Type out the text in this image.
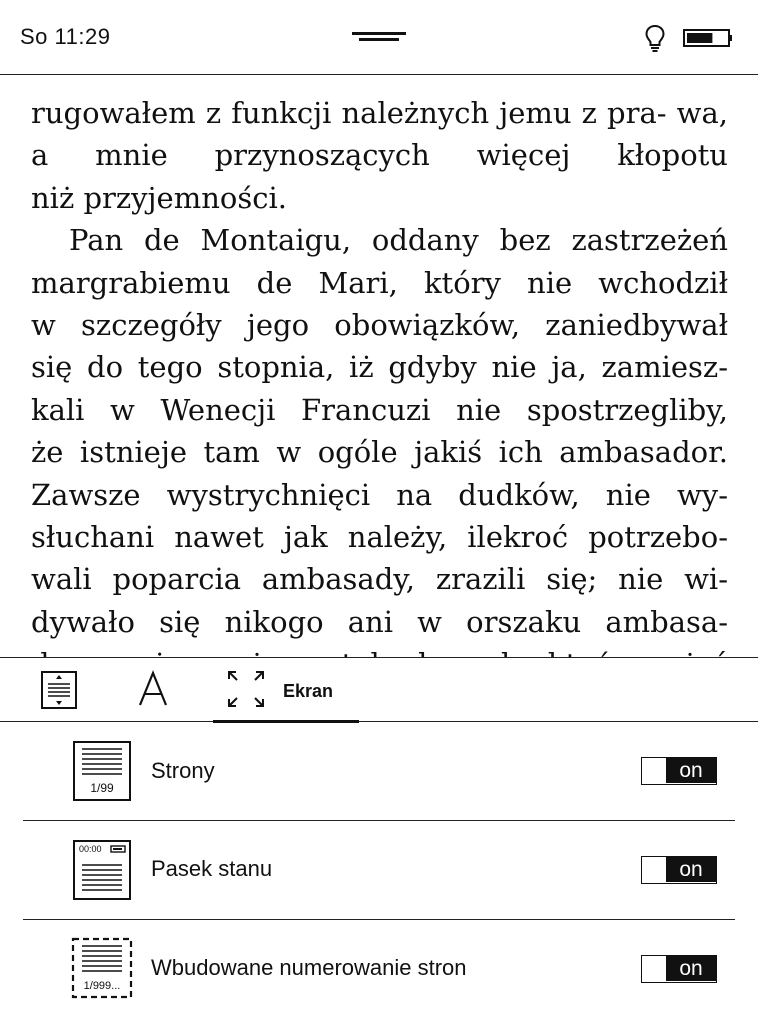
So 11:29

rugowałem z funkcji należnych jemu z pra- wa, a mnie przynoszących więcej kłopotu

niż przyjemności.

Pan de Montaigu, oddany bez zastrzeżeń

margrabiemu de Mari, który nie wchodził

w szczegóły jego obowiązków, zaniedbywał

się do tego stopnia, iż gdyby nie ja, zamiesz-

kali w Wenecji Francuzi nie spostrzegliby,

że istnieje tam w ogóle jakiś ich ambasador.

Zawsze wystrychnięci na dudków, nie wy-

słuchani nawet jak należy, ilekroć potrzebo-

wali poparcia ambasady, zrazili się; nie wi-

dywało się nikogo ani w orszaku ambasa-

Ekran
1/99
Strony	on
00:00
Pasek stanu	on
1/999...
Wbudowane numerowanie stron	on
